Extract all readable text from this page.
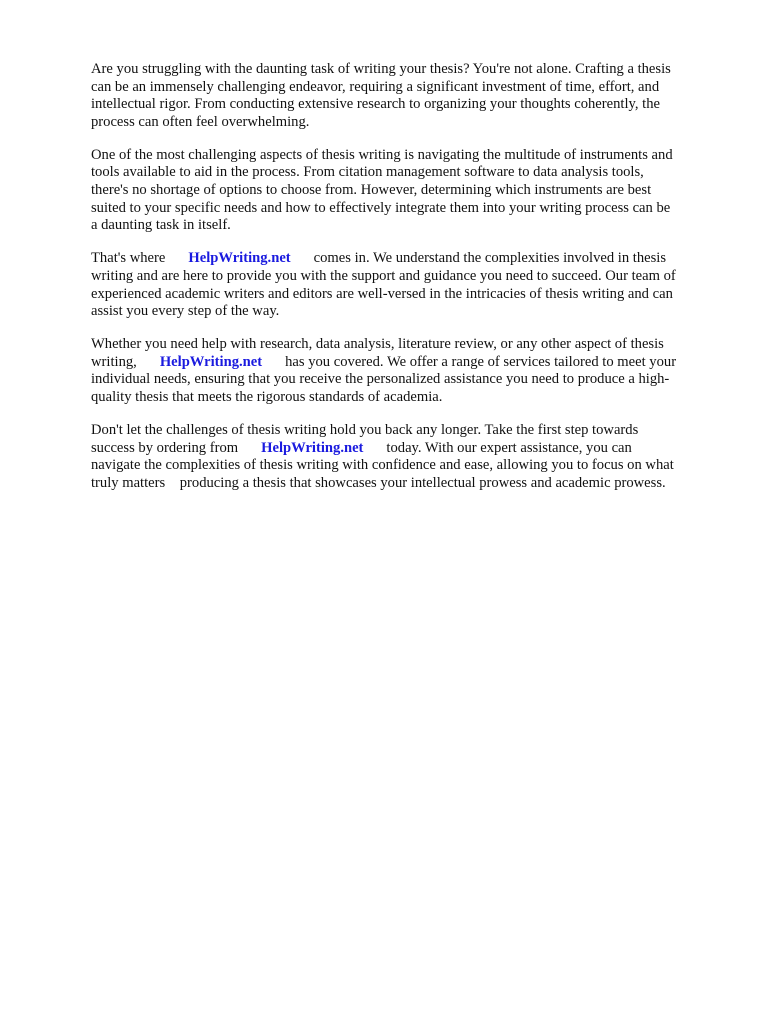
Are you struggling with the daunting task of writing your thesis? You're not alone. Crafting a thesis
can be an immensely challenging endeavor, requiring a significant investment of time, effort, and
intellectual rigor. From conducting extensive research to organizing your thoughts coherently, the
process can often feel overwhelming.

One of the most challenging aspects of thesis writing is navigating the multitude of instruments and
tools available to aid in the process. From citation management software to data analysis tools,
there's no shortage of options to choose from. However, determining which instruments are best
suited to your specific needs and how to effectively integrate them into your writing process can be
a daunting task in itself.

That's where HelpWriting.net comes in. We understand the complexities involved in thesis
writing and are here to provide you with the support and guidance you need to succeed. Our team of
experienced academic writers and editors are well-versed in the intricacies of thesis writing and can
assist you every step of the way.

Whether you need help with research, data analysis, literature review, or any other aspect of thesis
writing, HelpWriting.net has you covered. We offer a range of services tailored to meet your
individual needs, ensuring that you receive the personalized assistance you need to produce a high-
quality thesis that meets the rigorous standards of academia.

Don't let the challenges of thesis writing hold you back any longer. Take the first step towards
success by ordering from HelpWriting.net today. With our expert assistance, you can
navigate the complexities of thesis writing with confidence and ease, allowing you to focus on what
truly matters    producing a thesis that showcases your intellectual prowess and academic prowess.
